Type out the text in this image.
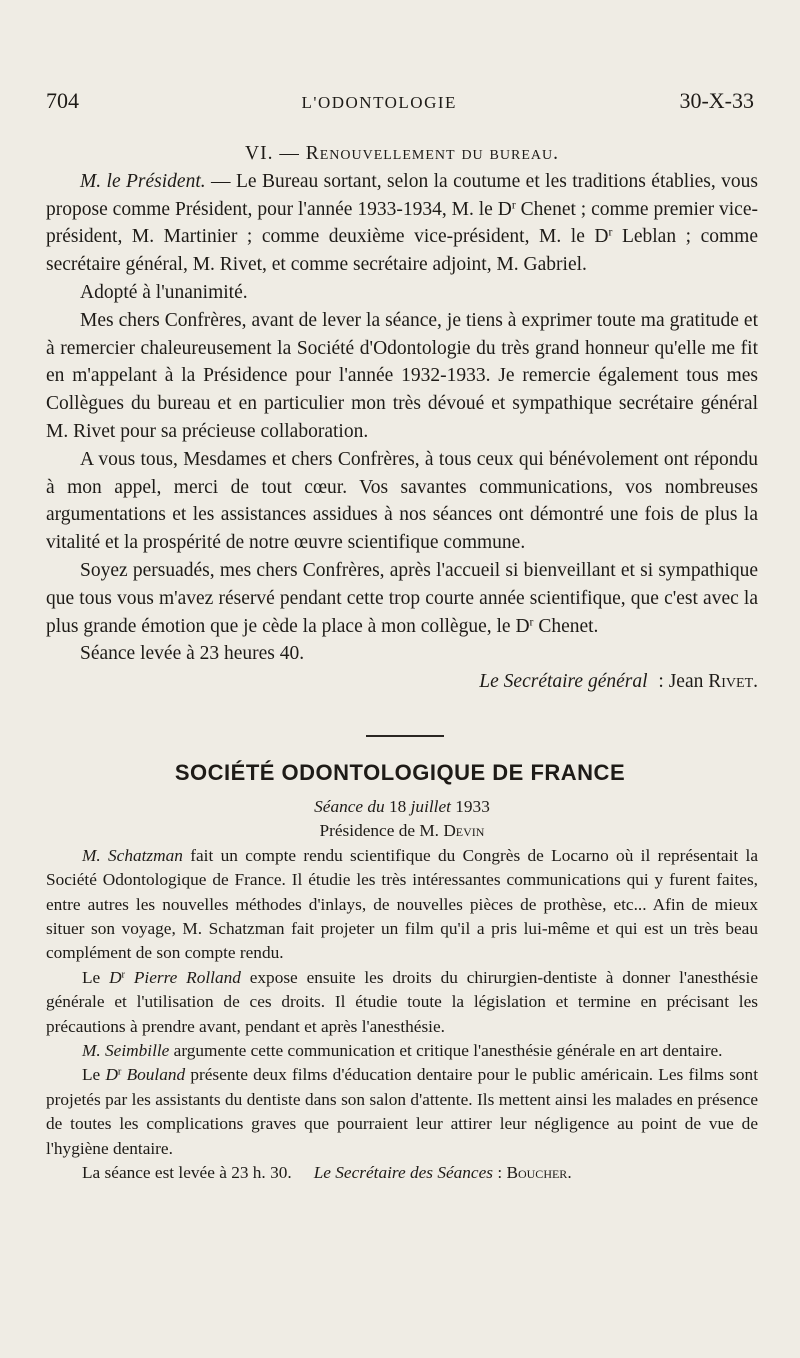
704	L'ODONTOLOGIE	30-X-33

VI. — Renouvellement du bureau.

M. le Président. — Le Bureau sortant, selon la coutume et les traditions établies, vous propose comme Président, pour l'année 1933-1934, M. le $D^r$ Chenet ; comme premier vice-président, M. Martinier ; comme deuxième vice-président, M. le $D^r$ Leblan ; comme secrétaire général, M. Rivet, et comme secrétaire adjoint, M. Gabriel.

Adopté à l'unanimité.

Mes chers Confrères, avant de lever la séance, je tiens à exprimer toute ma gratitude et à remercier chaleureusement la Société d'Odontologie du très grand honneur qu'elle me fit en m'appelant à la Présidence pour l'année 1932-1933. Je remercie également tous mes Collègues du bureau et en particulier mon très dévoué et sympathique secrétaire général M. Rivet pour sa précieuse collaboration.

A vous tous, Mesdames et chers Confrères, à tous ceux qui bénévolement ont répondu à mon appel, merci de tout cœur. Vos savantes communications, vos nombreuses argumentations et les assistances assidues à nos séances ont démontré une fois de plus la vitalité et la prospérité de notre œuvre scientifique commune.

Soyez persuadés, mes chers Confrères, après l'accueil si bienveillant et si sympathique que tous vous m'avez réservé pendant cette trop courte année scientifique, que c'est avec la plus grande émotion que je cède la place à mon collègue, le $D^r$ Chenet.

Séance levée à 23 heures 40.

Le Secrétaire général : Jean Rivet.

SOCIÉTÉ ODONTOLOGIQUE DE FRANCE

Séance du 18 juillet 1933

Présidence de M. Devin

M. Schatzman fait un compte rendu scientifique du Congrès de Locarno où il représentait la Société Odontologique de France. Il étudie les très intéressantes communications qui y furent faites, entre autres les nouvelles méthodes d'inlays, de nouvelles pièces de prothèse, etc... Afin de mieux situer son voyage, M. Schatzman fait projeter un film qu'il a pris lui-même et qui est un très beau complément de son compte rendu.

Le $D^r$ Pierre Rolland expose ensuite les droits du chirurgien-dentiste à donner l'anesthésie générale et l'utilisation de ces droits. Il étudie toute la législation et termine en précisant les précautions à prendre avant, pendant et après l'anesthésie.

M. Seimbille argumente cette communication et critique l'anesthésie générale en art dentaire.

Le $D^r$ Bouland présente deux films d'éducation dentaire pour le public américain. Les films sont projetés par les assistants du dentiste dans son salon d'attente. Ils mettent ainsi les malades en présence de toutes les complications graves que pourraient leur attirer leur négligence au point de vue de l'hygiène dentaire.

La séance est levée à 23 h. 30. Le Secrétaire des Séances : Boucher.
